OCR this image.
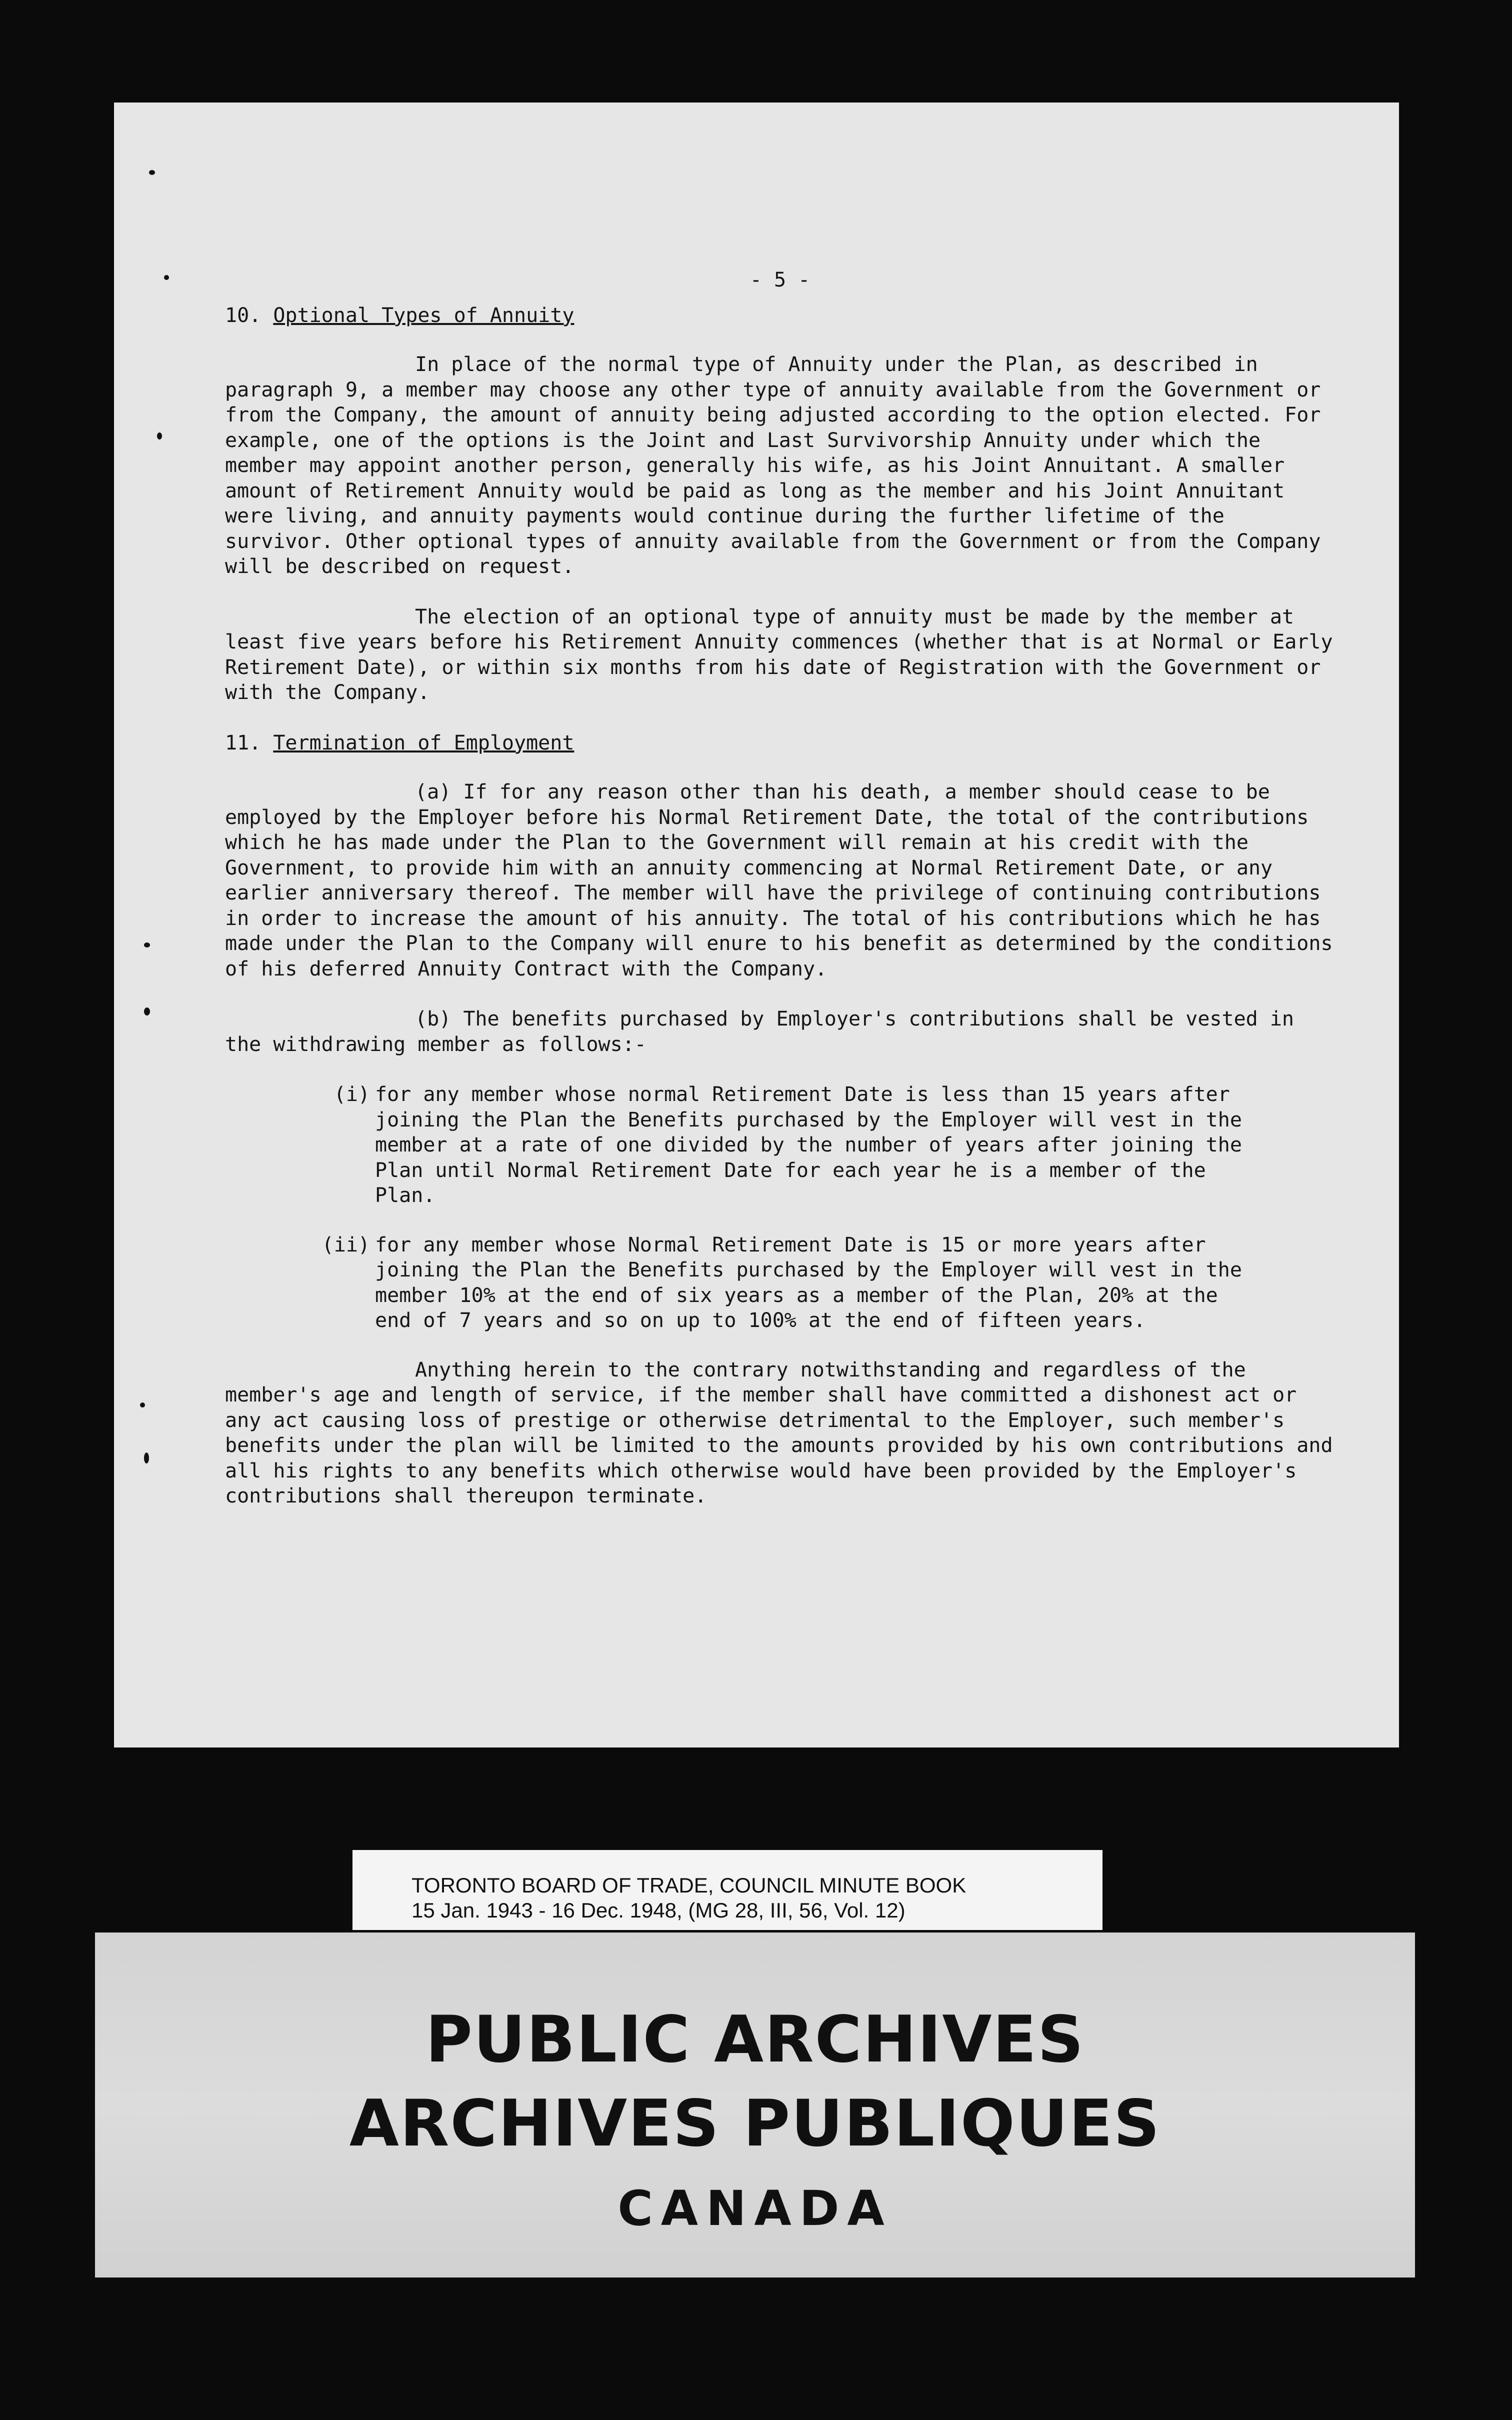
- 5 -
10. Optional Types of Annuity
In place of the normal type of Annuity under the Plan, as described in paragraph 9, a member may choose any other type of annuity available from the Government or from the Company, the amount of annuity being adjusted according to the option elected. For example, one of the options is the Joint and Last Survivorship Annuity under which the member may appoint another person, generally his wife, as his Joint Annuitant. A smaller amount of Retirement Annuity would be paid as long as the member and his Joint Annuitant were living, and annuity payments would continue during the further lifetime of the survivor. Other optional types of annuity available from the Government or from the Company will be described on request.
The election of an optional type of annuity must be made by the member at least five years before his Retirement Annuity commences (whether that is at Normal or Early Retirement Date), or within six months from his date of Registration with the Government or with the Company.
11. Termination of Employment
(a) If for any reason other than his death, a member should cease to be employed by the Employer before his Normal Retirement Date, the total of the contributions which he has made under the Plan to the Government will remain at his credit with the Government, to provide him with an annuity commencing at Normal Retirement Date, or any earlier anniversary thereof. The member will have the privilege of continuing contributions in order to increase the amount of his annuity. The total of his contributions which he has made under the Plan to the Company will enure to his benefit as determined by the conditions of his deferred Annuity Contract with the Company.
(b) The benefits purchased by Employer's contributions shall be vested in the withdrawing member as follows:-
(i) for any member whose normal Retirement Date is less than 15 years after joining the Plan the Benefits purchased by the Employer will vest in the member at a rate of one divided by the number of years after joining the Plan until Normal Retirement Date for each year he is a member of the Plan.
(ii) for any member whose Normal Retirement Date is 15 or more years after joining the Plan the Benefits purchased by the Employer will vest in the member 10% at the end of six years as a member of the Plan, 20% at the end of 7 years and so on up to 100% at the end of fifteen years.
Anything herein to the contrary notwithstanding and regardless of the member's age and length of service, if the member shall have committed a dishonest act or any act causing loss of prestige or otherwise detrimental to the Employer, such member's benefits under the plan will be limited to the amounts provided by his own contributions and all his rights to any benefits which otherwise would have been provided by the Employer's contributions shall thereupon terminate.
TORONTO BOARD OF TRADE, COUNCIL MINUTE BOOK
15 Jan. 1943 - 16 Dec. 1948, (MG 28, III, 56, Vol. 12)
PUBLIC ARCHIVES
ARCHIVES PUBLIQUES
CANADA
